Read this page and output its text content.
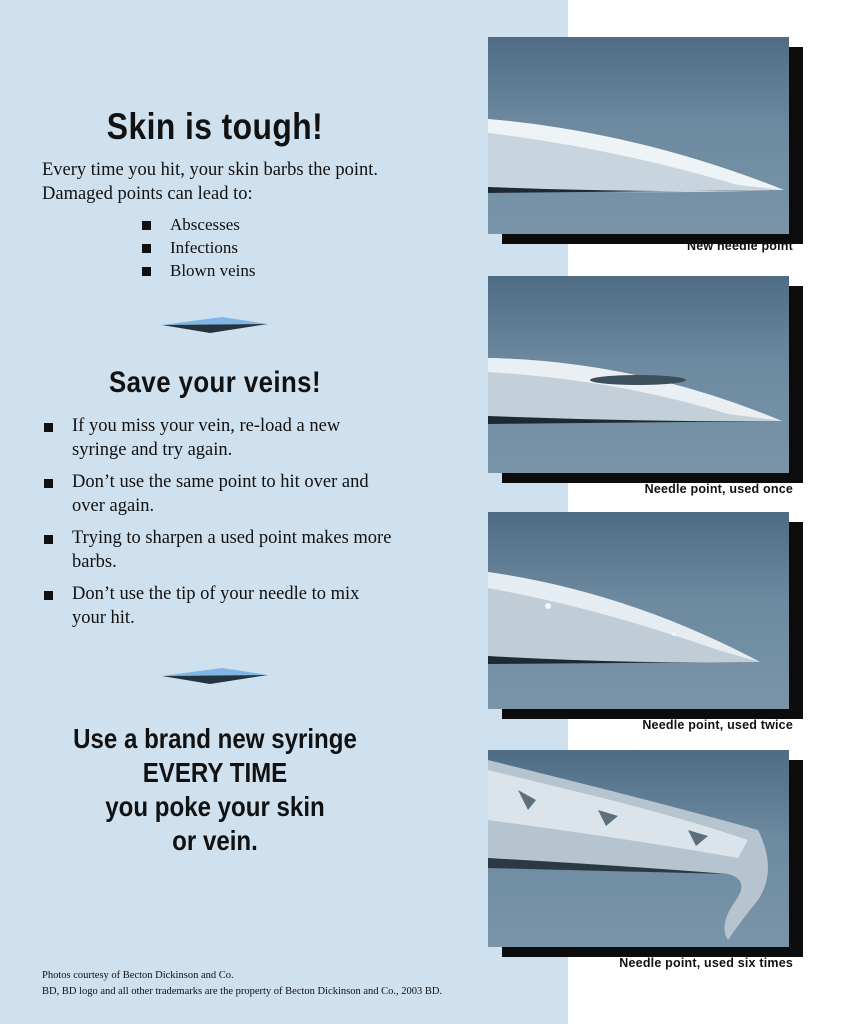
Skin is tough!

Every time you hit, your skin barbs the point. Damaged points can lead to:

Abscesses
Infections
Blown veins
Save your veins!
If you miss your vein, re-load a new syringe and try again.
Don’t use the same point to hit over and over again.
Trying to sharpen a used point makes more barbs.
Don’t use the tip of your needle to mix your hit.
Use a brand new syringe
EVERY TIME
you poke your skin
or vein.
Photos courtesy of Becton Dickinson and Co.
BD, BD logo and all other trademarks are the property of Becton Dickinson and Co., 2003 BD.
New needle point
Needle point, used once
Needle point, used twice
Needle point, used six times
